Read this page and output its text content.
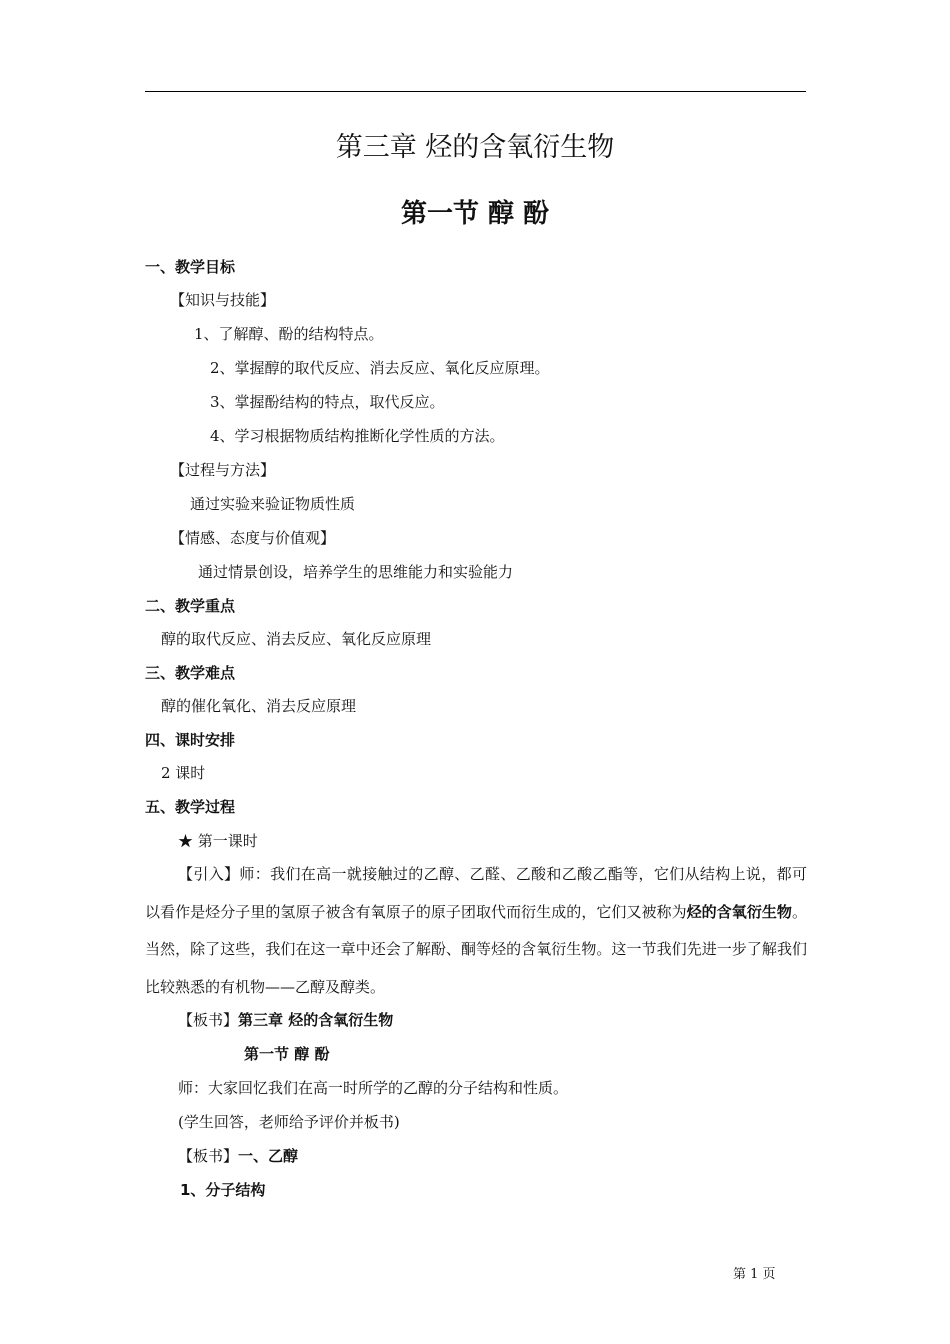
第三章 烃的含氧衍生物
第一节 醇 酚
一、教学目标
【知识与技能】
1、了解醇、酚的结构特点。
2、掌握醇的取代反应、消去反应、氧化反应原理。
3、掌握酚结构的特点，取代反应。
4、学习根据物质结构推断化学性质的方法。
【过程与方法】
通过实验来验证物质性质
【情感、态度与价值观】
通过情景创设，培养学生的思维能力和实验能力
二、教学重点
醇的取代反应、消去反应、氧化反应原理
三、教学难点
醇的催化氧化、消去反应原理
四、课时安排
2 课时
五、教学过程
★ 第一课时
【引入】师：我们在高一就接触过的乙醇、乙醛、乙酸和乙酸乙酯等，它们从结构上说，都可以看作是烃分子里的氢原子被含有氧原子的原子团取代而衍生成的，它们又被称为烃的含氧衍生物。当然，除了这些，我们在这一章中还会了解酚、酮等烃的含氧衍生物。这一节我们先进一步了解我们比较熟悉的有机物——乙醇及醇类。
【板书】第三章 烃的含氧衍生物
第一节 醇 酚
师：大家回忆我们在高一时所学的乙醇的分子结构和性质。
(学生回答，老师给予评价并板书)
【板书】一、乙醇
1、分子结构
第 1 页
